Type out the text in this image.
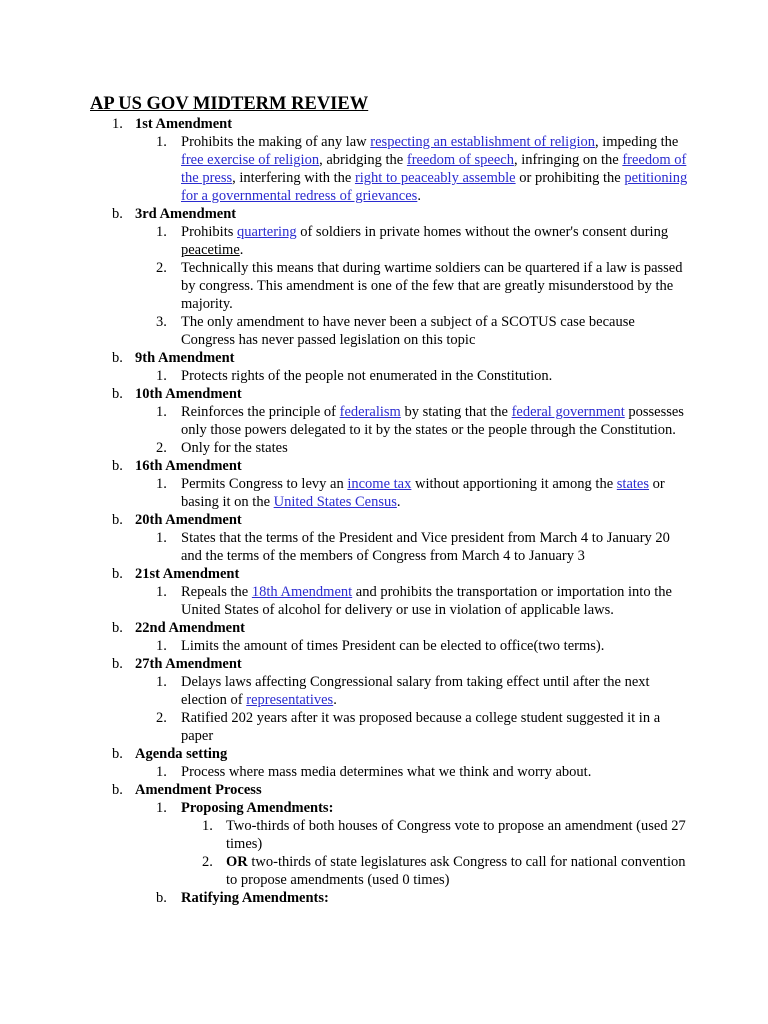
AP US GOV MIDTERM REVIEW
1. 1st Amendment
1. Prohibits the making of any law respecting an establishment of religion, impeding the free exercise of religion, abridging the freedom of speech, infringing on the freedom of the press, interfering with the right to peaceably assemble or prohibiting the petitioning for a governmental redress of grievances.
b. 3rd Amendment
1. Prohibits quartering of soldiers in private homes without the owner's consent during peacetime.
2. Technically this means that during wartime soldiers can be quartered if a law is passed by congress. This amendment is one of the few that are greatly misunderstood by the majority.
3. The only amendment to have never been a subject of a SCOTUS case because Congress has never passed legislation on this topic
b. 9th Amendment
1. Protects rights of the people not enumerated in the Constitution.
b. 10th Amendment
1. Reinforces the principle of federalism by stating that the federal government possesses only those powers delegated to it by the states or the people through the Constitution.
2. Only for the states
b. 16th Amendment
1. Permits Congress to levy an income tax without apportioning it among the states or basing it on the United States Census.
b. 20th Amendment
1. States that the terms of the President and Vice president from March 4 to January 20 and the terms of the members of Congress from March 4 to January 3
b. 21st Amendment
1. Repeals the 18th Amendment and prohibits the transportation or importation into the United States of alcohol for delivery or use in violation of applicable laws.
b. 22nd Amendment
1. Limits the amount of times President can be elected to office(two terms).
b. 27th Amendment
1. Delays laws affecting Congressional salary from taking effect until after the next election of representatives.
2. Ratified 202 years after it was proposed because a college student suggested it in a paper
b. Agenda setting
1. Process where mass media determines what we think and worry about.
b. Amendment Process
1. Proposing Amendments:
1. Two-thirds of both houses of Congress vote to propose an amendment (used 27 times)
2. OR two-thirds of state legislatures ask Congress to call for national convention to propose amendments (used 0 times)
b. Ratifying Amendments:
